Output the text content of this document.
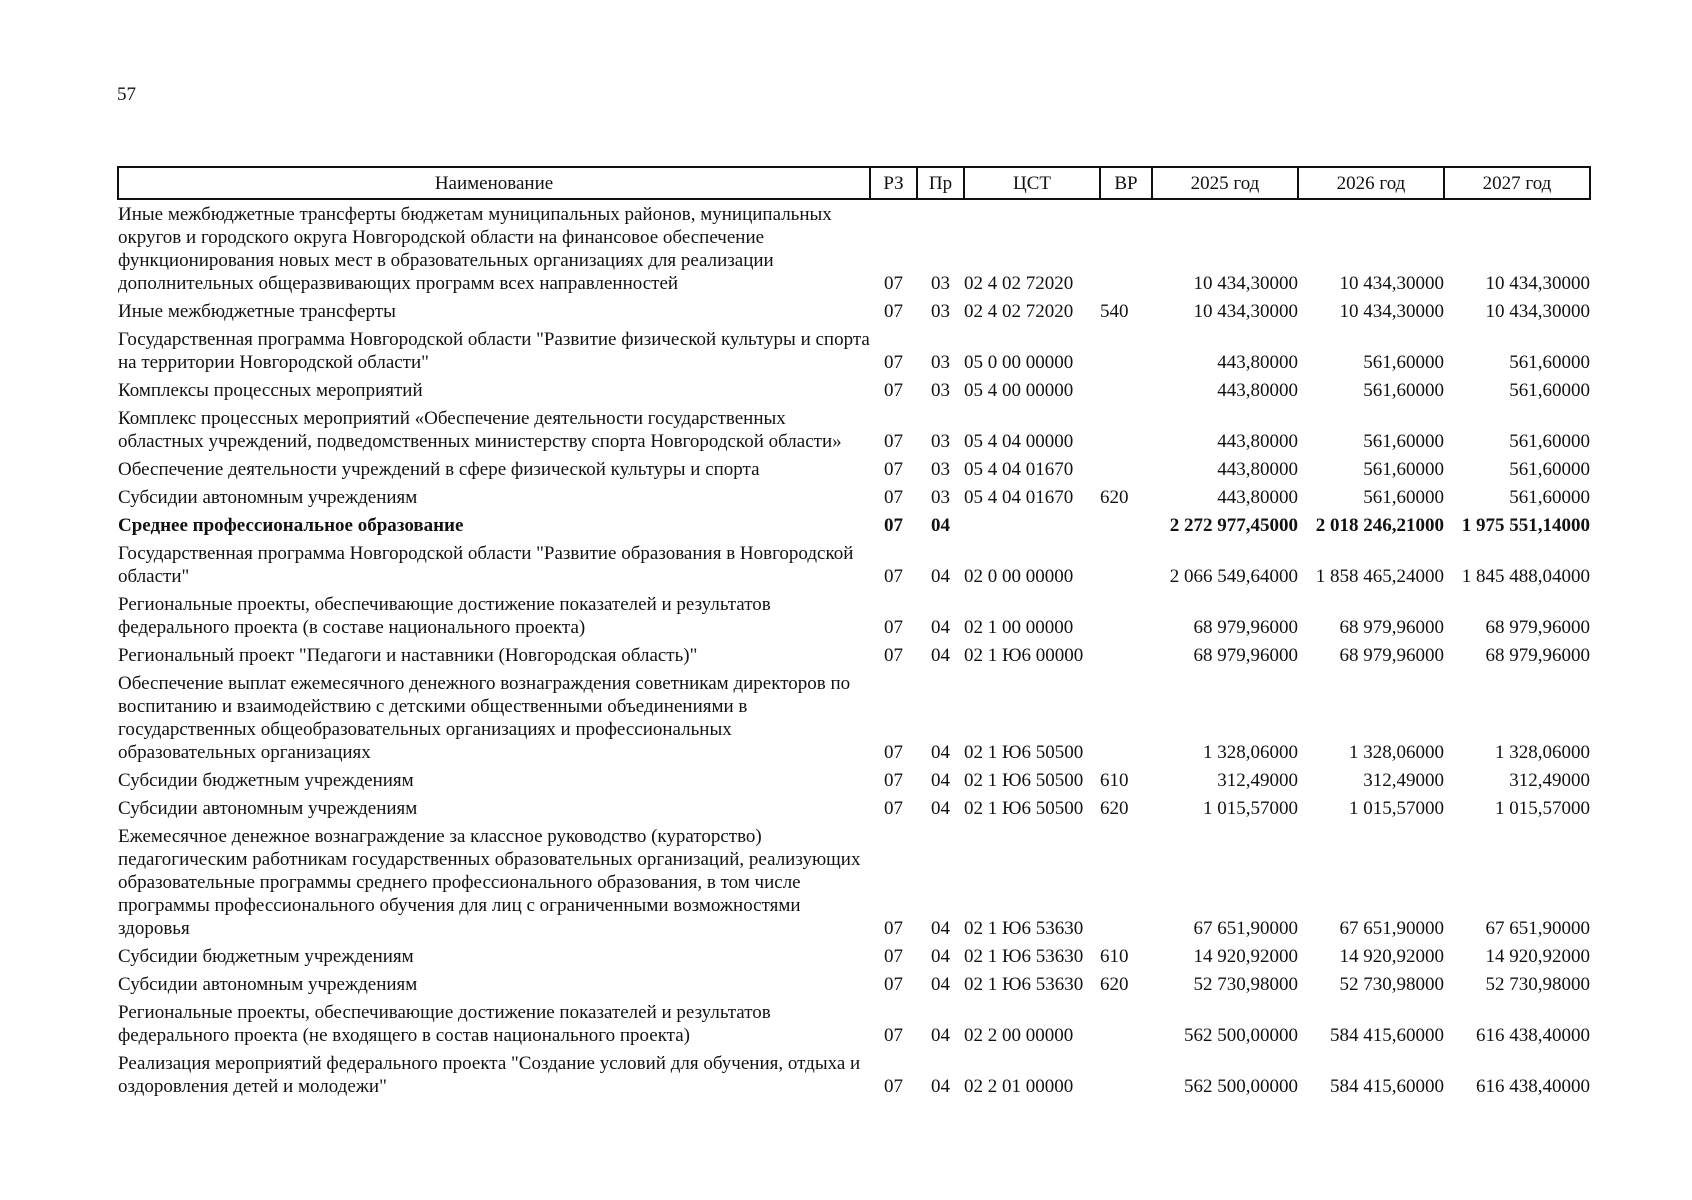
57
Наименование	РЗ	Пр	ЦСТ	ВР	2025 год	2026 год	2027 год
Иные межбюджетные трансферты бюджетам муниципальных районов, муниципальных округов и городского округа Новгородской области на финансовое обеспечение функционирования новых мест в образовательных организациях для реализации дополнительных общеразвивающих программ всех направленностей	07	03	02 4 02 72020		10 434,30000	10 434,30000	10 434,30000
Иные межбюджетные трансферты	07	03	02 4 02 72020	540	10 434,30000	10 434,30000	10 434,30000
Государственная программа Новгородской области "Развитие физической культуры и спорта на территории Новгородской области"	07	03	05 0 00 00000		443,80000	561,60000	561,60000
Комплексы процессных мероприятий	07	03	05 4 00 00000		443,80000	561,60000	561,60000
Комплекс процессных мероприятий «Обеспечение деятельности государственных областных учреждений, подведомственных министерству спорта Новгородской области»	07	03	05 4 04 00000		443,80000	561,60000	561,60000
Обеспечение деятельности учреждений в сфере физической культуры и спорта	07	03	05 4 04 01670		443,80000	561,60000	561,60000
Субсидии автономным учреждениям	07	03	05 4 04 01670	620	443,80000	561,60000	561,60000
Среднее профессиональное образование	07	04			2 272 977,45000	2 018 246,21000	1 975 551,14000
Государственная программа Новгородской области "Развитие образования в Новгородской области"	07	04	02 0 00 00000		2 066 549,64000	1 858 465,24000	1 845 488,04000
Региональные проекты, обеспечивающие достижение показателей и результатов федерального проекта (в составе национального проекта)	07	04	02 1 00 00000		68 979,96000	68 979,96000	68 979,96000
Региональный проект "Педагоги и наставники (Новгородская область)"	07	04	02 1 Ю6 00000		68 979,96000	68 979,96000	68 979,96000
Обеспечение выплат ежемесячного денежного вознаграждения советникам директоров по воспитанию и взаимодействию с детскими общественными объединениями в государственных общеобразовательных организациях и профессиональных образовательных организациях	07	04	02 1 Ю6 50500		1 328,06000	1 328,06000	1 328,06000
Субсидии бюджетным учреждениям	07	04	02 1 Ю6 50500	610	312,49000	312,49000	312,49000
Субсидии автономным учреждениям	07	04	02 1 Ю6 50500	620	1 015,57000	1 015,57000	1 015,57000
Ежемесячное денежное вознаграждение за классное руководство (кураторство) педагогическим работникам государственных образовательных организаций, реализующих образовательные программы среднего профессионального образования, в том числе программы профессионального обучения для лиц с ограниченными возможностями здоровья	07	04	02 1 Ю6 53630		67 651,90000	67 651,90000	67 651,90000
Субсидии бюджетным учреждениям	07	04	02 1 Ю6 53630	610	14 920,92000	14 920,92000	14 920,92000
Субсидии автономным учреждениям	07	04	02 1 Ю6 53630	620	52 730,98000	52 730,98000	52 730,98000
Региональные проекты, обеспечивающие достижение показателей и результатов федерального проекта (не входящего в состав национального проекта)	07	04	02 2 00 00000		562 500,00000	584 415,60000	616 438,40000
Реализация мероприятий федерального проекта "Создание условий для обучения, отдыха и оздоровления детей и молодежи"	07	04	02 2 01 00000		562 500,00000	584 415,60000	616 438,40000
